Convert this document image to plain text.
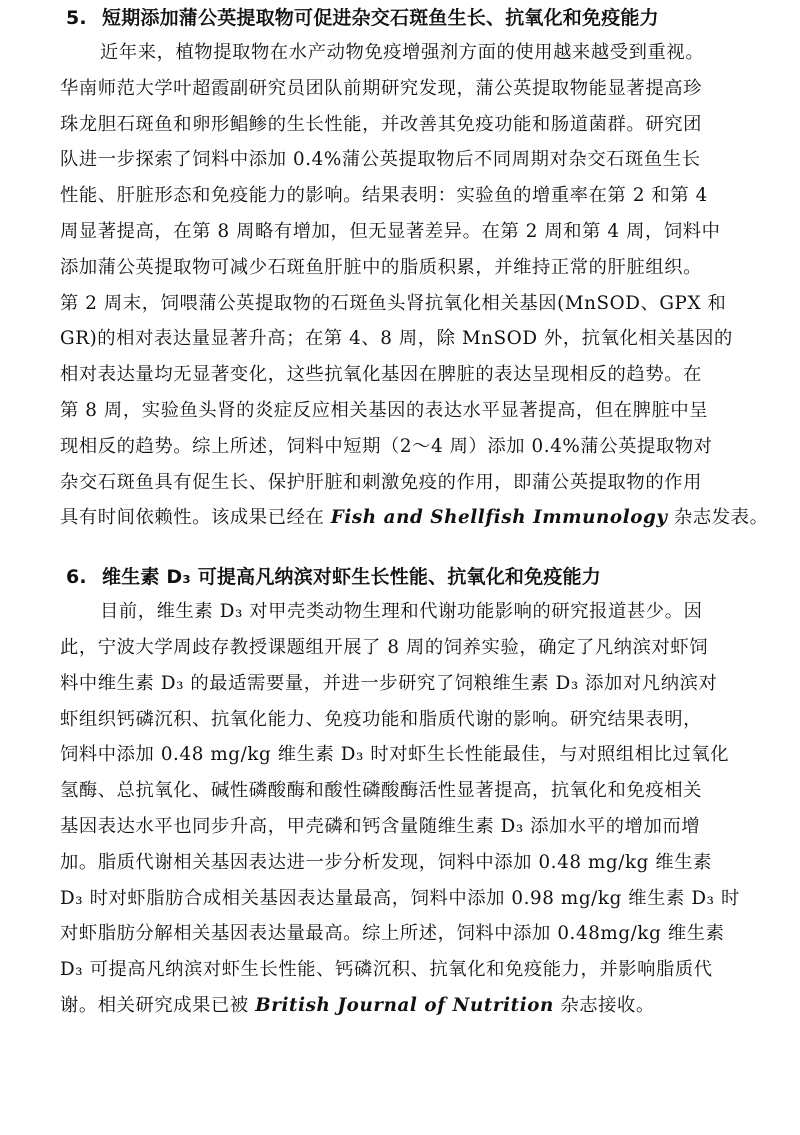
5. 短期添加蒲公英提取物可促进杂交石斑鱼生长、抗氧化和免疫能力
近年来，植物提取物在水产动物免疫增强剂方面的使用越来越受到重视。
华南师范大学叶超霞副研究员团队前期研究发现，蒲公英提取物能显著提高珍
珠龙胆石斑鱼和卵形鲳鲹的生长性能，并改善其免疫功能和肠道菌群。研究团
队进一步探索了饲料中添加 0.4%蒲公英提取物后不同周期对杂交石斑鱼生长
性能、肝脏形态和免疫能力的影响。结果表明：实验鱼的增重率在第 2 和第 4
周显著提高，在第 8 周略有增加，但无显著差异。在第 2 周和第 4 周，饲料中
添加蒲公英提取物可减少石斑鱼肝脏中的脂质积累，并维持正常的肝脏组织。
第 2 周末，饲喂蒲公英提取物的石斑鱼头肾抗氧化相关基因(MnSOD、GPX 和
GR)的相对表达量显著升高；在第 4、8 周，除 MnSOD 外，抗氧化相关基因的
相对表达量均无显著变化，这些抗氧化基因在脾脏的表达呈现相反的趋势。在
第 8 周，实验鱼头肾的炎症反应相关基因的表达水平显著提高，但在脾脏中呈
现相反的趋势。综上所述，饲料中短期（2～4 周）添加 0.4%蒲公英提取物对
杂交石斑鱼具有促生长、保护肝脏和刺激免疫的作用，即蒲公英提取物的作用
具有时间依赖性。该成果已经在 Fish and Shellfish Immunology 杂志发表。
6. 维生素 D₃ 可提高凡纳滨对虾生长性能、抗氧化和免疫能力
目前，维生素 D₃ 对甲壳类动物生理和代谢功能影响的研究报道甚少。因
此，宁波大学周歧存教授课题组开展了 8 周的饲养实验，确定了凡纳滨对虾饲
料中维生素 D₃ 的最适需要量，并进一步研究了饲粮维生素 D₃ 添加对凡纳滨对
虾组织钙磷沉积、抗氧化能力、免疫功能和脂质代谢的影响。研究结果表明，
饲料中添加 0.48 mg/kg 维生素 D₃ 时对虾生长性能最佳，与对照组相比过氧化
氢酶、总抗氧化、碱性磷酸酶和酸性磷酸酶活性显著提高，抗氧化和免疫相关
基因表达水平也同步升高，甲壳磷和钙含量随维生素 D₃ 添加水平的增加而增
加。脂质代谢相关基因表达进一步分析发现，饲料中添加 0.48 mg/kg 维生素
D₃ 时对虾脂肪合成相关基因表达量最高，饲料中添加 0.98 mg/kg 维生素 D₃ 时
对虾脂肪分解相关基因表达量最高。综上所述，饲料中添加 0.48mg/kg 维生素
D₃ 可提高凡纳滨对虾生长性能、钙磷沉积、抗氧化和免疫能力，并影响脂质代
谢。相关研究成果已被 British Journal of Nutrition 杂志接收。
